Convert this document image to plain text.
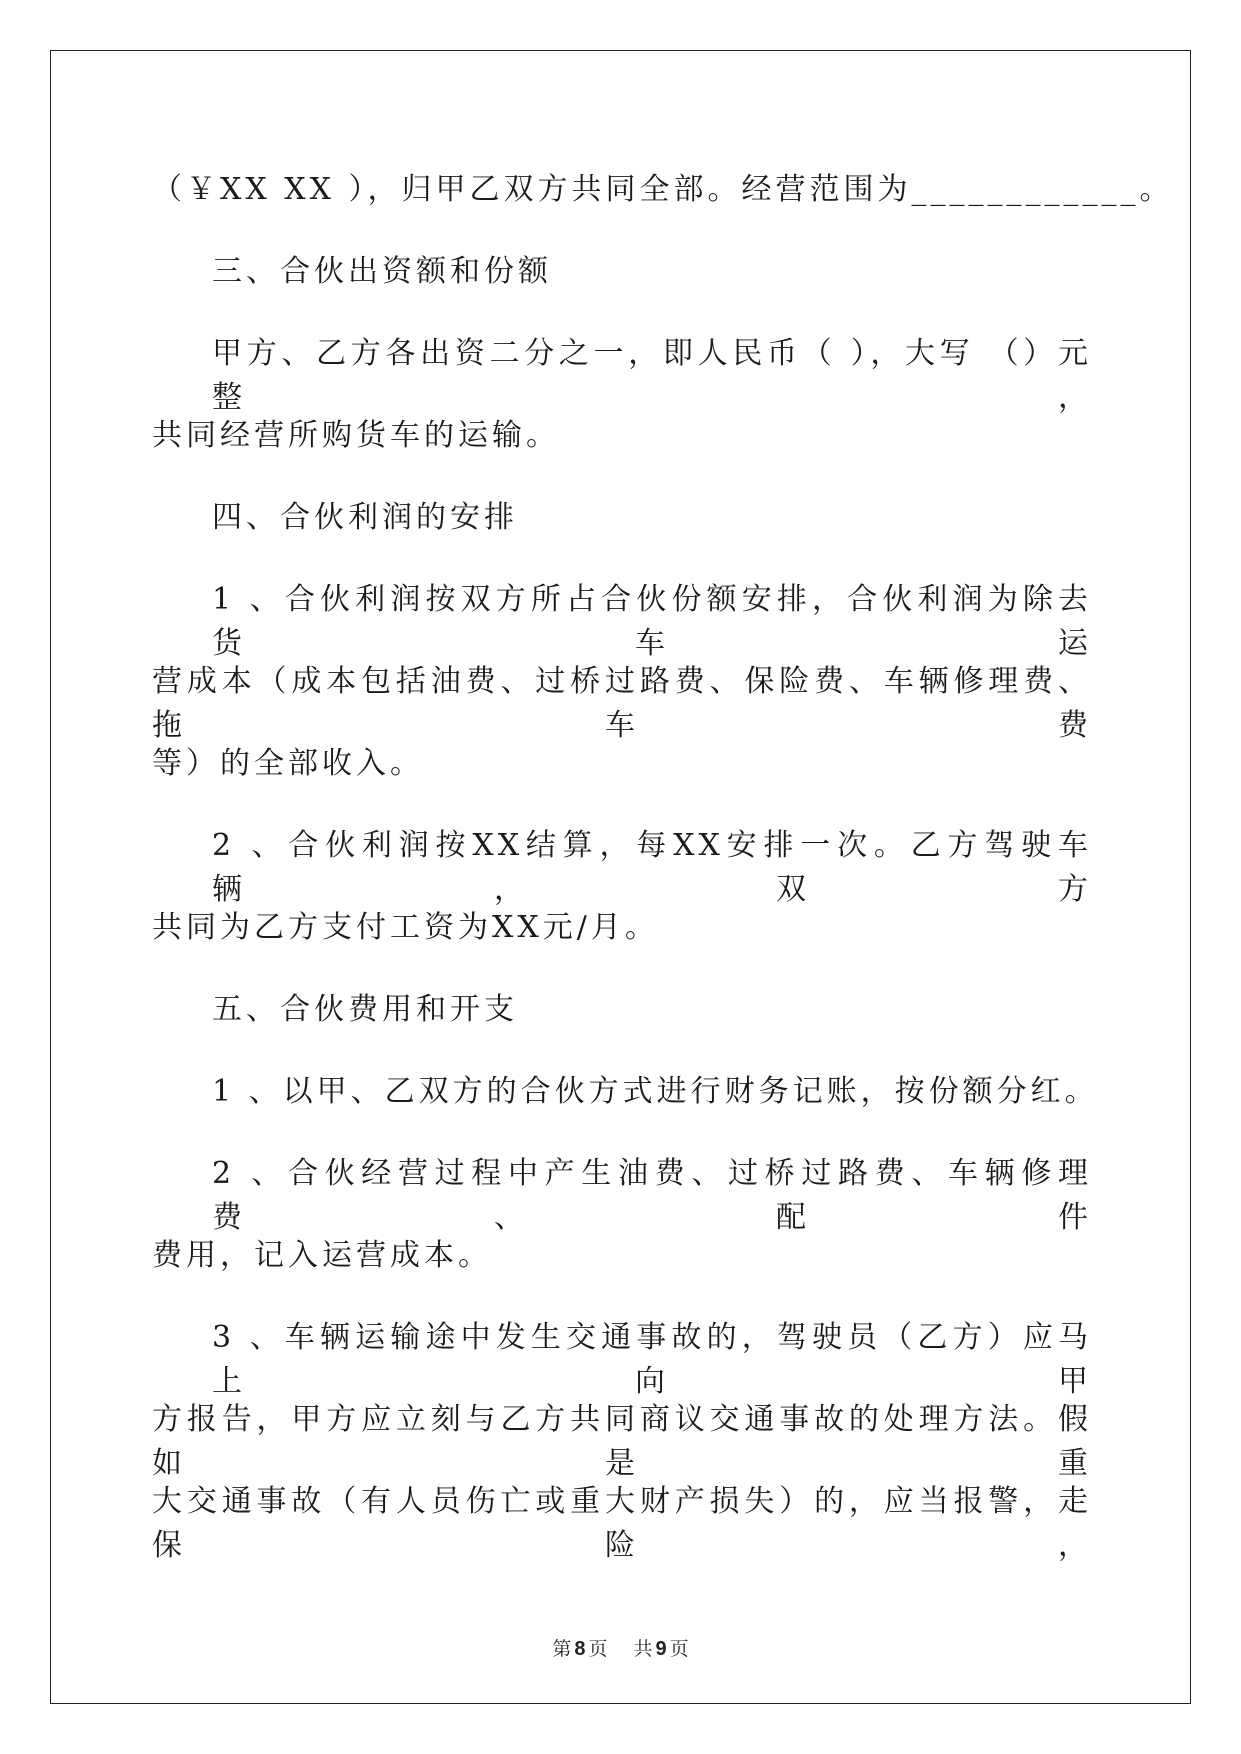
（￥XX XX ），归甲乙双方共同全部。经营范围为____________。
三、合伙出资额和份额
甲方、乙方各出资二分之一，即人民币（ ），大写 （）元整 ，
共同经营所购货车的运输。
四、合伙利润的安排
1 、合伙利润按双方所占合伙份额安排，合伙利润为除去货车运
营成本（成本包括油费、过桥过路费、保险费、车辆修理费、拖车费
等）的全部收入。
2 、合伙利润按XX结算，每XX安排一次。乙方驾驶车辆，双方
共同为乙方支付工资为XX元/月。
五、合伙费用和开支
1 、以甲、乙双方的合伙方式进行财务记账，按份额分红。
2 、合伙经营过程中产生油费、过桥过路费、车辆修理费、配件
费用，记入运营成本。
3 、车辆运输途中发生交通事故的，驾驶员（乙方）应马上向甲
方报告，甲方应立刻与乙方共同商议交通事故的处理方法。假如是重
大交通事故（有人员伤亡或重大财产损失）的，应当报警，走保险，
第 8 页 共 9 页
